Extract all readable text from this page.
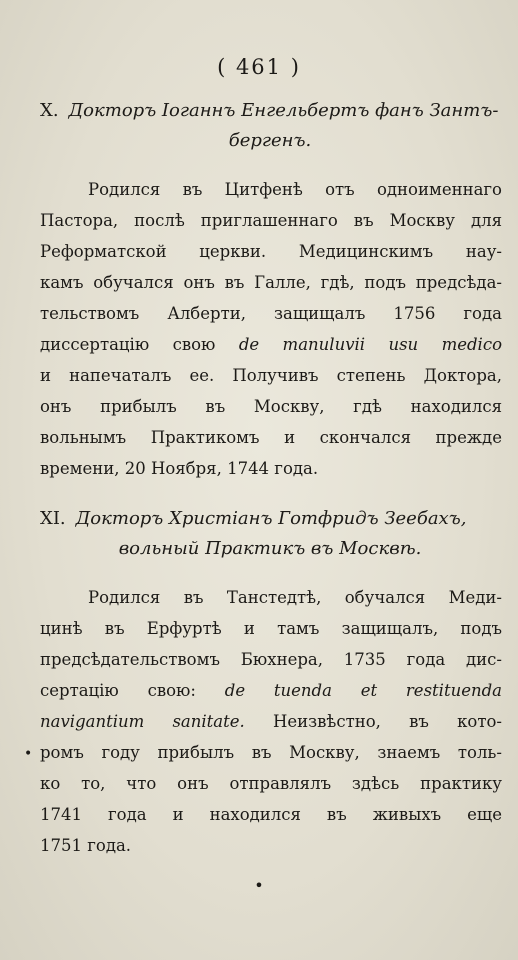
( 461 )
X. Докторъ Іоганнъ Енгельбертъ фанъ Зантъ-
бергенъ.
Родился въ Цитфенѣ отъ одноименнаго
Пастора, послѣ приглашеннаго въ Москву для
Реформатской церкви. Медицинскимъ нау-
камъ обучался онъ въ Галле, гдѣ, подъ предсѣда-
тельствомъ Алберти, защищалъ 1756 года
диссертацію свою de manuluvii usu medico
и напечаталъ ее. Получивъ степень Доктора,
онъ прибылъ въ Москву, гдѣ находился
вольнымъ Практикомъ и скончался прежде
времени, 20 Ноября, 1744 года.
XI. Докторъ Христіанъ Готфридъ Зеебахъ,
вольный Практикъ въ Москвѣ.
Родился въ Танстедтѣ, обучался Меди-
цинѣ въ Ерфуртѣ и тамъ защищалъ, подъ
предсѣдательствомъ Бюхнера, 1735 года дис-
сертацію свою: de tuenda et restituenda
navigantium sanitate. Неизвѣстно, въ кото-
ромъ году прибылъ въ Москву, знаемъ толь-
ко то, что онъ отправлялъ здѣсь практику
1741 года и находился въ живыхъ еще
1751 года.
•
•
